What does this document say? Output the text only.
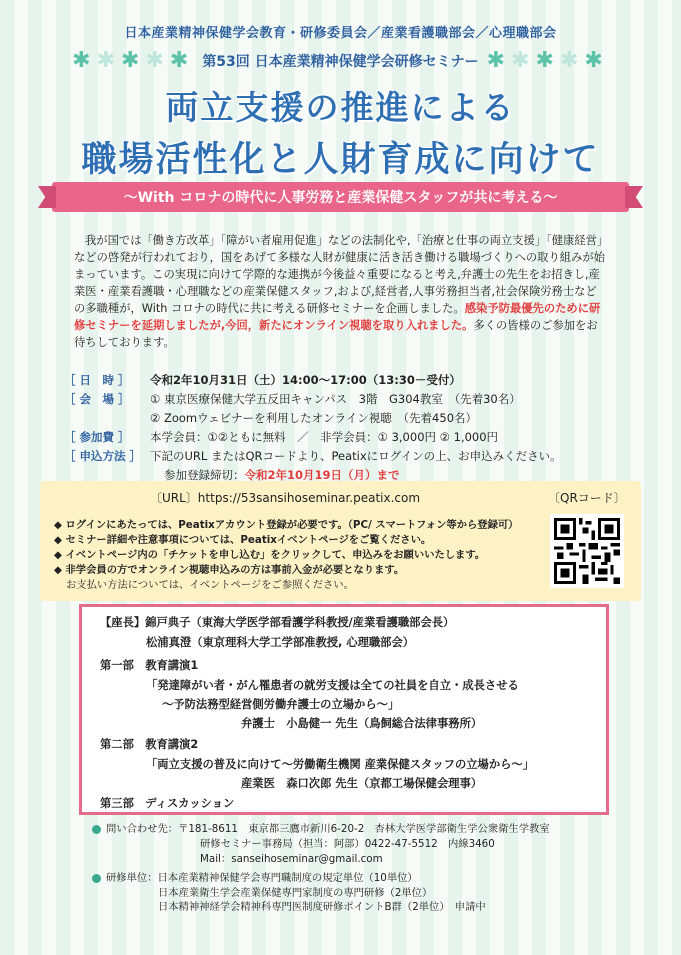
日本産業精神保健学会教育・研修委員会／産業看護職部会／心理職部会
✱✱✱✱✱ 第53回 日本産業精神保健学会研修セミナー ✱✱✱✱✱
両立支援の推進による
職場活性化と人財育成に向けて
～With コロナの時代に人事労務と産業保健スタッフが共に考える～
我が国では「働き方改革」「障がい者雇用促進」などの法制化や,「治療と仕事の両立支援」「健康経営」などの啓発が行われており，国をあげて多様な人財が健康に活き活き働ける職場づくりへの取り組みが始まっています。この実現に向けて学際的な連携が今後益々重要になると考え,弁護士の先生をお招きし,産業医・産業看護職・心理職などの産業保健スタッフ,および,経営者,人事労務担当者,社会保険労務士などの多職種が，With コロナの時代に共に考える研修セミナーを企画しました。感染予防最優先のために研修セミナーを延期しましたが,今回，新たにオンライン視聴を取り入れました。多くの皆様のご参加をお待ちしております。
［ 日　時 ］	令和2年10月31日（土）14:00～17:00（13:30－受付）
［ 会　場 ］	① 東京医療保健大学五反田キャンパス　3階　G304教室　（先着30名）
② Zoomウェビナーを利用したオンライン視聴　（先着450名）
［ 参加費 ］	本学会員：①②ともに無料　／　非学会員：① 3,000円 ② 1,000円
［ 申込方法 ］ 下記のURL またはQRコードより、Peatixにログインの上、お申込みください。
参加登録締切： 令和2年10月19日（月）まで
〔URL〕https://53sansihoseminar.peatix.com	〔QRコード〕
◆ ログインにあたっては、Peatixアカウント登録が必要です。（PC/ スマートフォン等から登録可）
◆ セミナー詳細や注意事項については、Peatixイベントページをご覧ください。
◆ イベントページ内の「チケットを申し込む」をクリックして、申込みをお願いいたします。
◆ 非学会員の方でオンライン視聴申込みの方は事前入金が必要となります。
お支払い方法については、イベントページをご参照ください。
【座長】錦戸典子（東海大学医学部看護学科教授/産業看護職部会長）
松浦真澄（東京理科大学工学部准教授, 心理職部会）
第一部　教育講演1
「発達障がい者・がん罹患者の就労支援は全ての社員を自立・成長させる
～予防法務型経営側労働弁護士の立場から～」
弁護士　小島健一 先生（鳥飼総合法律事務所）
第二部　教育講演2
「両立支援の普及に向けて～労働衛生機関 産業保健スタッフの立場から～」
産業医　森口次郎 先生（京都工場保健会理事）
第三部　ディスカッション
問い合わせ先：〒181-8611　東京都三鷹市新川6-20-2　杏林大学医学部衛生学公衆衛生学教室
研修セミナー事務局（担当：阿部）0422-47-5512　内線3460
Mail：sanseihoseminar@gmail.com
研修単位：日本産業精神保健学会専門職制度の規定単位（10単位）
日本産業衛生学会産業保健専門家制度の専門研修（2単位）
日本精神神経学会精神科専門医制度研修ポイントB群（2単位）　申請中
